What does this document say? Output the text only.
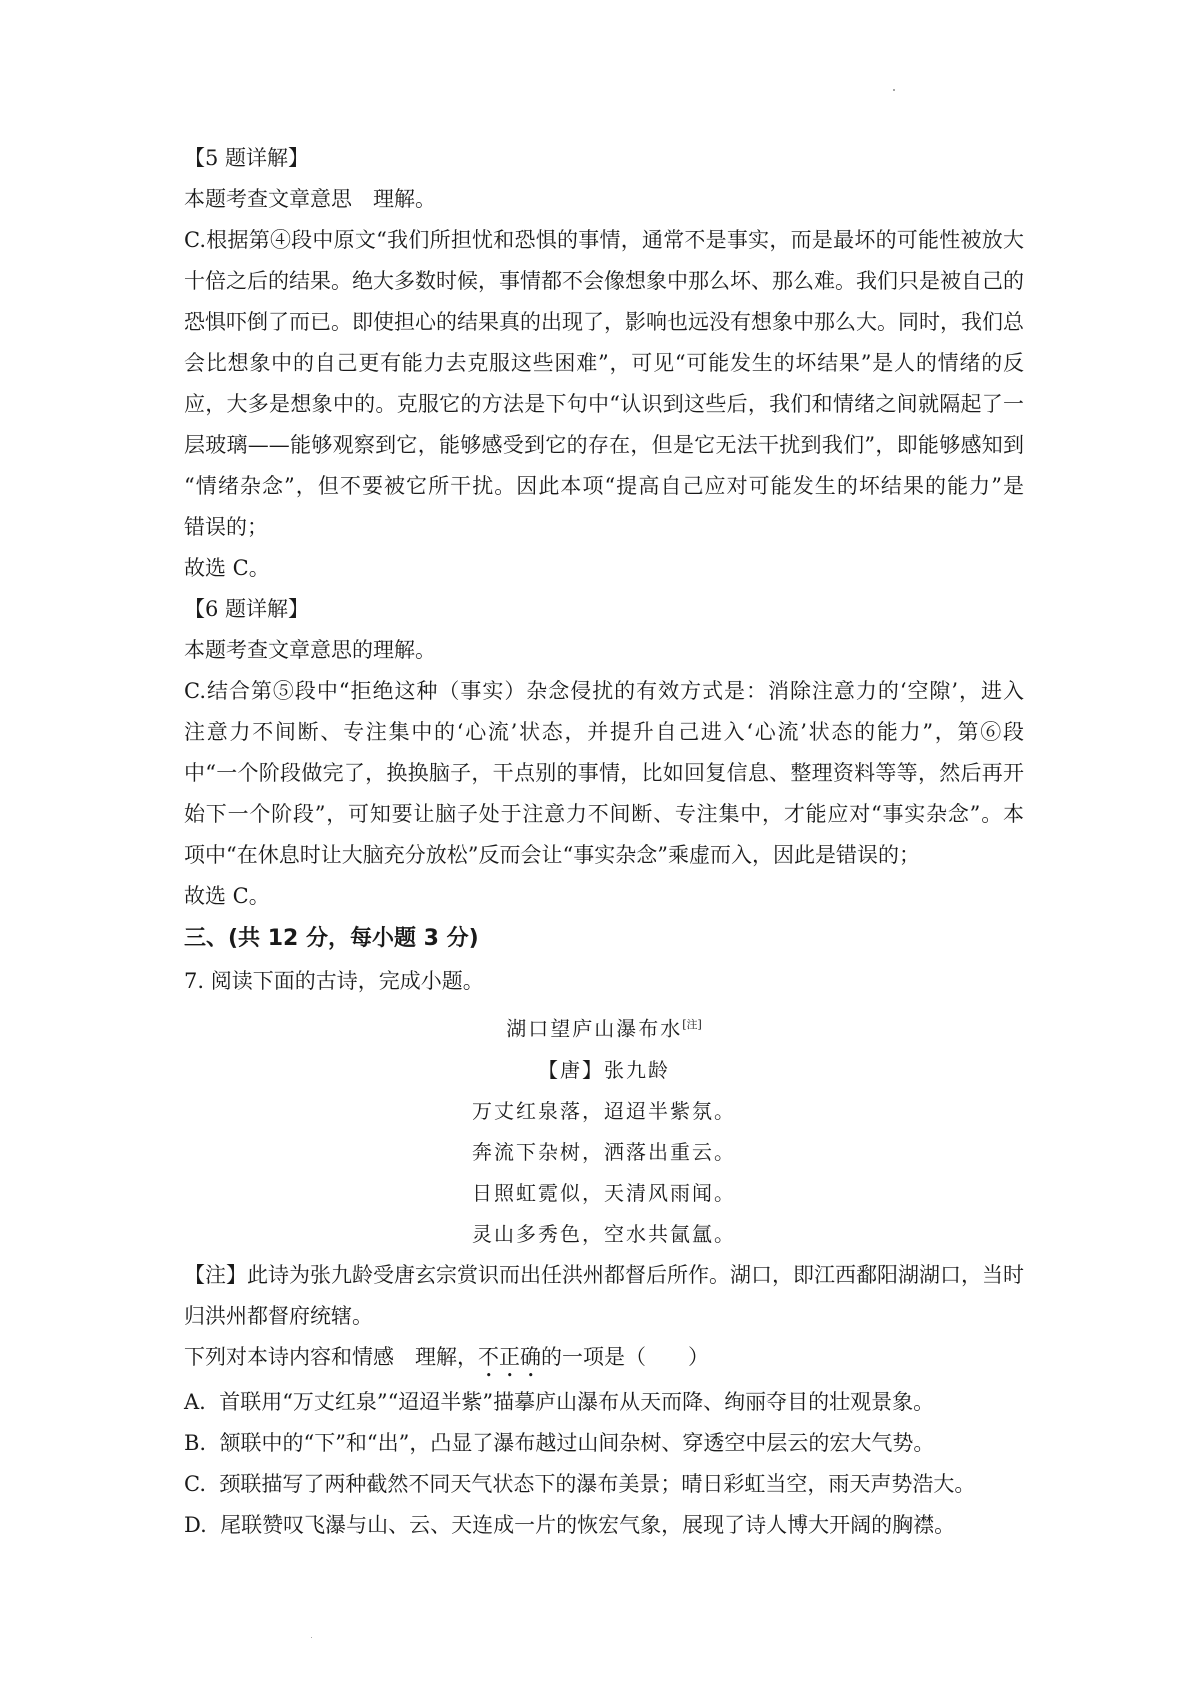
【5 题详解】

本题考查文章意思　理解。

C.根据第④段中原文“我们所担忧和恐惧的事情，通常不是事实，而是最坏的可能性被放大

十倍之后的结果。绝大多数时候，事情都不会像想象中那么坏、那么难。我们只是被自己的

恐惧吓倒了而已。即使担心的结果真的出现了，影响也远没有想象中那么大。同时，我们总

会比想象中的自己更有能力去克服这些困难”，可见“可能发生的坏结果”是人的情绪的反

应，大多是想象中的。克服它的方法是下句中“认识到这些后，我们和情绪之间就隔起了一

层玻璃——能够观察到它，能够感受到它的存在，但是它无法干扰到我们”，即能够感知到

“情绪杂念”，但不要被它所干扰。因此本项“提高自己应对可能发生的坏结果的能力”是

错误的；

故选 C。

【6 题详解】

本题考查文章意思的理解。

C.结合第⑤段中“拒绝这种（事实）杂念侵扰的有效方式是：消除注意力的‘空隙’，进入

注意力不间断、专注集中的‘心流’状态，并提升自己进入‘心流’状态的能力”，第⑥段

中“一个阶段做完了，换换脑子，干点别的事情，比如回复信息、整理资料等等，然后再开

始下一个阶段”，可知要让脑子处于注意力不间断、专注集中，才能应对“事实杂念”。本

项中“在休息时让大脑充分放松”反而会让“事实杂念”乘虚而入，因此是错误的；

故选 C。

三、(共 12 分，每小题 3 分)

7. 阅读下面的古诗，完成小题。

湖口望庐山瀑布水[注]

【唐】张九龄

万丈红泉落，迢迢半紫氛。

奔流下杂树，洒落出重云。

日照虹霓似，天清风雨闻。

灵山多秀色，空水共氤氲。

【注】此诗为张九龄受唐玄宗赏识而出任洪州都督后所作。湖口，即江西鄱阳湖湖口，当时

归洪州都督府统辖。

下列对本诗内容和情感　理解，不正确的一项是（　　）

A.  首联用“万丈红泉”“迢迢半紫”描摹庐山瀑布从天而降、绚丽夺目的壮观景象。

B.  颔联中的“下”和“出”，凸显了瀑布越过山间杂树、穿透空中层云的宏大气势。

C.  颈联描写了两种截然不同天气状态下的瀑布美景；晴日彩虹当空，雨天声势浩大。

D.  尾联赞叹飞瀑与山、云、天连成一片的恢宏气象，展现了诗人博大开阔的胸襟。
